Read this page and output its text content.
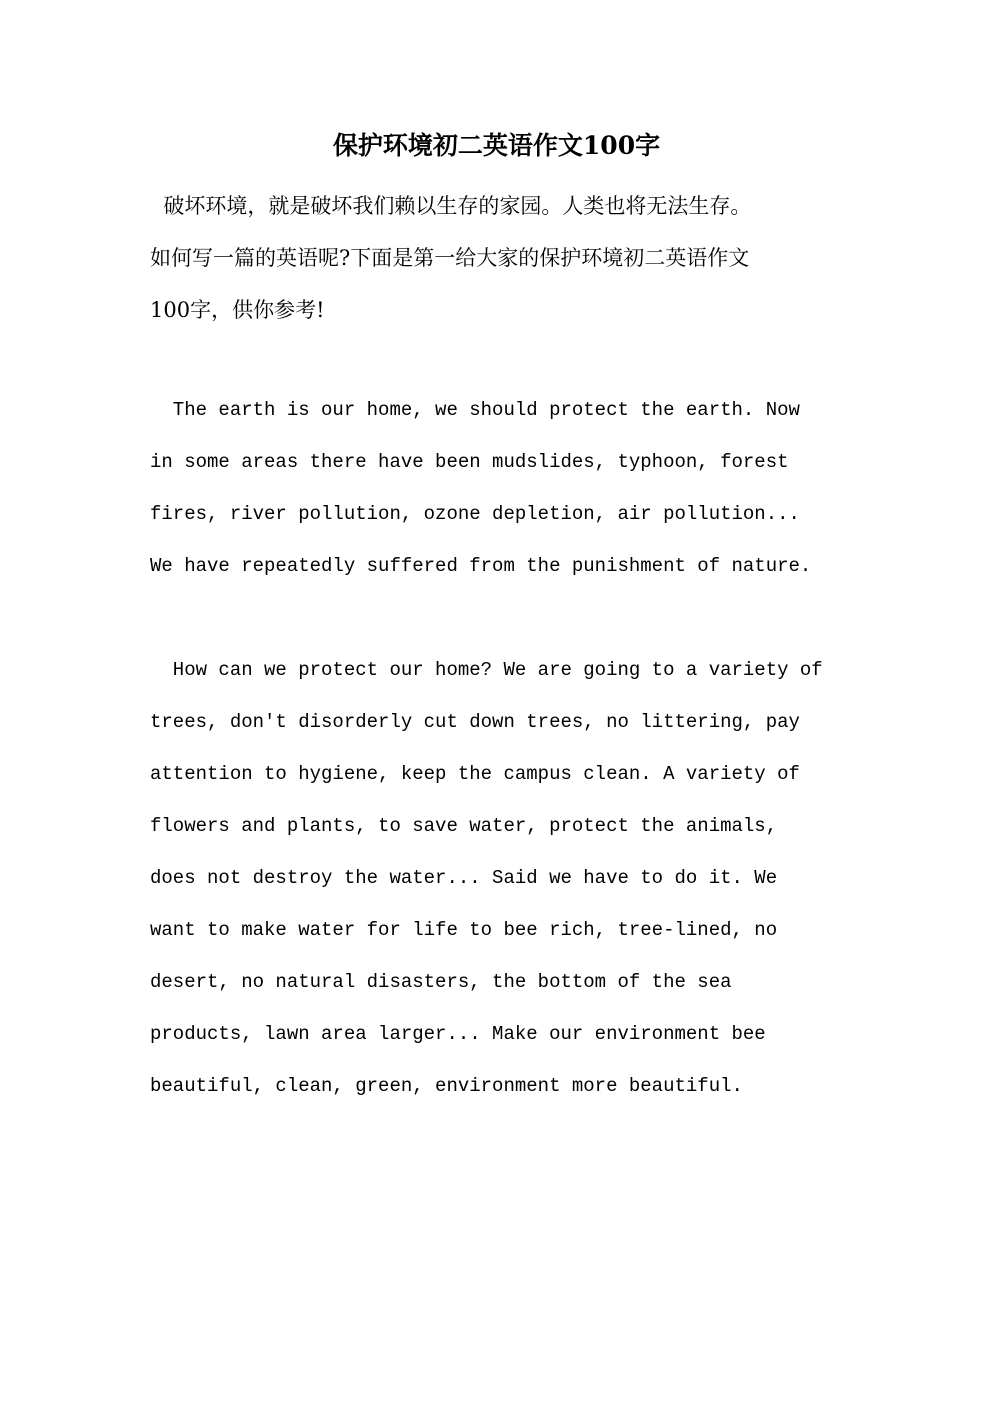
保护环境初二英语作文100字
破坏环境，就是破坏我们赖以生存的家园。人类也将无法生存。
如何写一篇的英语呢?下面是第一给大家的保护环境初二英语作文
100字，供你参考!
The earth is our home, we should protect the earth. Now
in some areas there have been mudslides, typhoon, forest
fires, river pollution, ozone depletion, air pollution...
We have repeatedly suffered from the punishment of nature.
How can we protect our home? We are going to a variety of
trees, don't disorderly cut down trees, no littering, pay
attention to hygiene, keep the campus clean. A variety of
flowers and plants, to save water, protect the animals,
does not destroy the water... Said we have to do it. We
want to make water for life to bee rich, tree-lined, no
desert, no natural disasters, the bottom of the sea
products, lawn area larger... Make our environment bee
beautiful, clean, green, environment more beautiful.
